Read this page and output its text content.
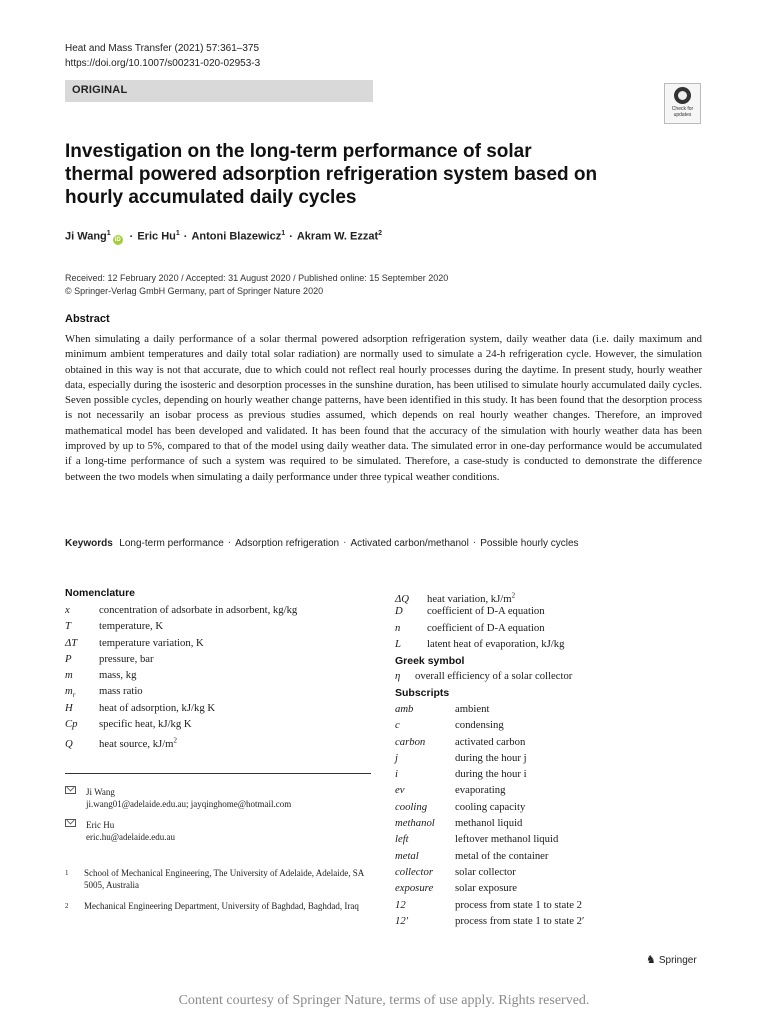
Heat and Mass Transfer (2021) 57:361–375
https://doi.org/10.1007/s00231-020-02953-3
ORIGINAL
Check for updates
Investigation on the long-term performance of solar thermal powered adsorption refrigeration system based on hourly accumulated daily cycles
Ji Wang$^1$iD · Eric $Hu^1$ · Antoni Blazewicz$^1$ · Akram W. Ezzat$^2$
Received: 12 February 2020 / Accepted: 31 August 2020 / Published online: 15 September 2020
© Springer-Verlag GmbH Germany, part of Springer Nature 2020
Abstract
When simulating a daily performance of a solar thermal powered adsorption refrigeration system, daily weather data (i.e. daily maximum and minimum ambient temperatures and daily total solar radiation) are normally used to simulate a 24-h refrigeration cycle. However, the simulation obtained in this way is not that accurate, due to which could not reflect real hourly processes during the daytime. In present study, hourly weather data, especially during the isosteric and desorption processes in the sunshine duration, has been utilised to simulate hourly accumulated daily cycles. Seven possible cycles, depending on hourly weather change patterns, have been identified in this study. It has been found that the desorption process is not necessarily an isobar process as previous studies assumed, which depends on real hourly weather changes. Therefore, an improved mathematical model has been developed and validated. It has been found that the accuracy of the simulation with hourly weather data has been improved by up to 5%, compared to that of the model using daily weather data. The simulated error in one-day performance would be accumulated if a long-time performance of such a system was required to be simulated. Therefore, a case-study is conducted to demonstrate the difference between the two models when simulating a daily performance under three typical weather conditions.
Keywords Long-term performance · Adsorption refrigeration · Activated carbon/methanol · Possible hourly cycles
Nomenclature
x	concentration of adsorbate in adsorbent, kg/kg
T	temperature, K
ΔT temperature variation, K
P	pressure, bar
m mass, kg
$m_r$ mass ratio
H heat of adsorption, kJ/kg K
Cp specific heat, kJ/kg K
Q heat source, $kJ/m^2$
ΔQ heat variation, $kJ/m^2$
D coefficient of D-A equation
n coefficient of D-A equation
L latent heat of evaporation, kJ/kg
Greek symbol
η overall efficiency of a solar collector
Subscripts
amb	ambient
c	condensing
carbon	activated carbon
j	during the hour j
i	during the hour i
ev	evaporating
cooling	cooling capacity
methanol methanol liquid
left	leftover methanol liquid
metal	metal of the container
collector solar collector
exposure solar exposure
12	process from state 1 to state 2
12′	process from state 1 to state 2′
Ji Wang
ji.wang01@adelaide.edu.au; jayqinghome@hotmail.com
Eric Hu
eric.hu@adelaide.edu.au
1 School of Mechanical Engineering, The University of Adelaide, Adelaide, SA 5005, Australia
2 Mechanical Engineering Department, University of Baghdad, Baghdad, Iraq
♞ Springer
Content courtesy of Springer Nature, terms of use apply. Rights reserved.
